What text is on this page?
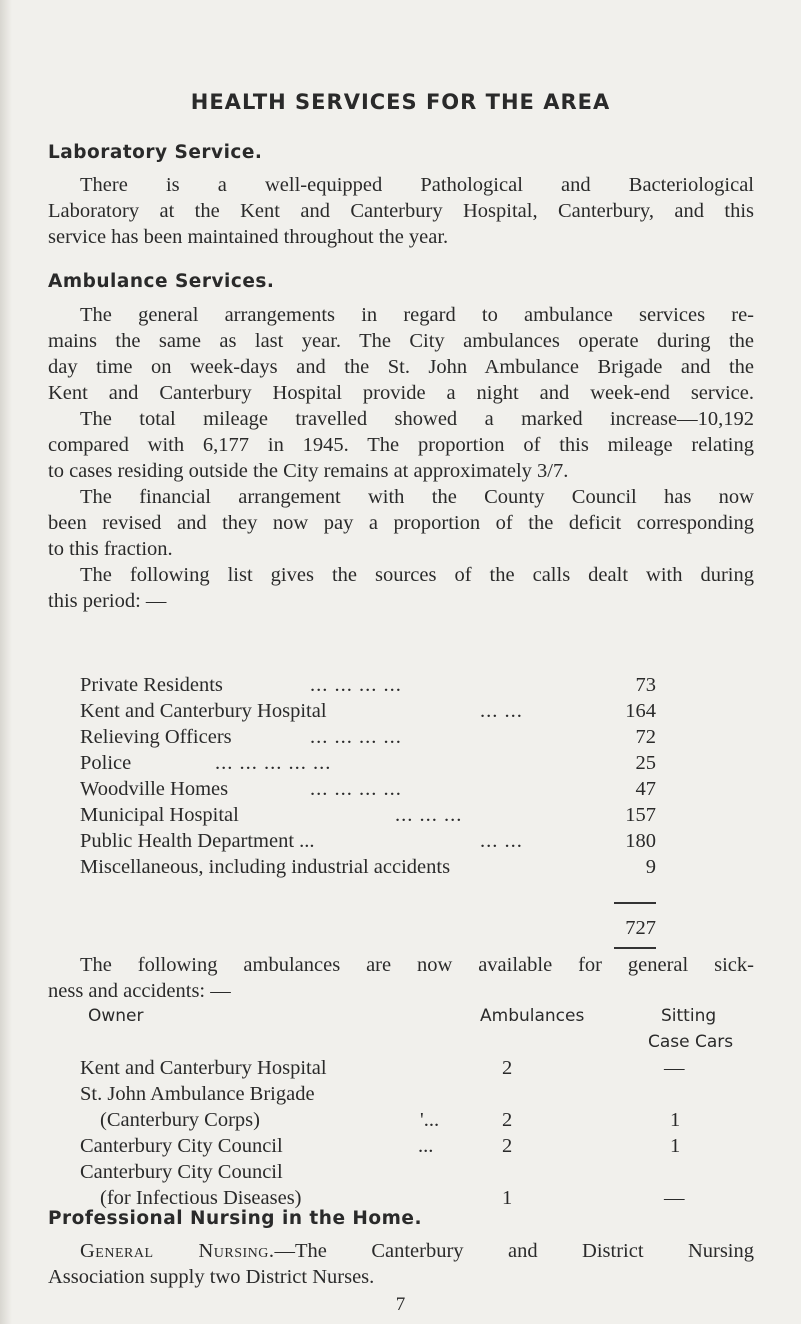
HEALTH SERVICES FOR THE AREA
Laboratory Service.
There is a well-equipped Pathological and Bacteriological
Laboratory at the Kent and Canterbury Hospital, Canterbury, and this
service has been maintained throughout the year.
Ambulance Services.
The general arrangements in regard to ambulance services re-
mains the same as last year. The City ambulances operate during the
day time on week-days and the St. John Ambulance Brigade and the
Kent and Canterbury Hospital provide a night and week-end service.
The total mileage travelled showed a marked increase—10,192
compared with 6,177 in 1945. The proportion of this mileage relating
to cases residing outside the City remains at approximately 3/7.
The financial arrangement with the County Council has now
been revised and they now pay a proportion of the deficit corresponding
to this fraction.
The following list gives the sources of the calls dealt with during
this period: —
Private Residents	... ... ... ...	73
Kent and Canterbury Hospital	... ...	164
Relieving Officers	... ... ... ...	72
Police	... ... ... ... ...	25
Woodville Homes	... ... ... ...	47
Municipal Hospital	... ... ...	157
Public Health Department ...	... ...	180
Miscellaneous, including industrial accidents	9
727
The following ambulances are now available for general sick-
ness and accidents: —
Owner	Ambulances	Sitting
Case Cars
Kent and Canterbury Hospital	2	—
St. John Ambulance Brigade
(Canterbury Corps)	'...	2	1
Canterbury City Council	...	2	1
Canterbury City Council
(for Infectious Diseases)	1	—
Professional Nursing in the Home.
General Nursing.—The Canterbury and District Nursing
Association supply two District Nurses.
7
